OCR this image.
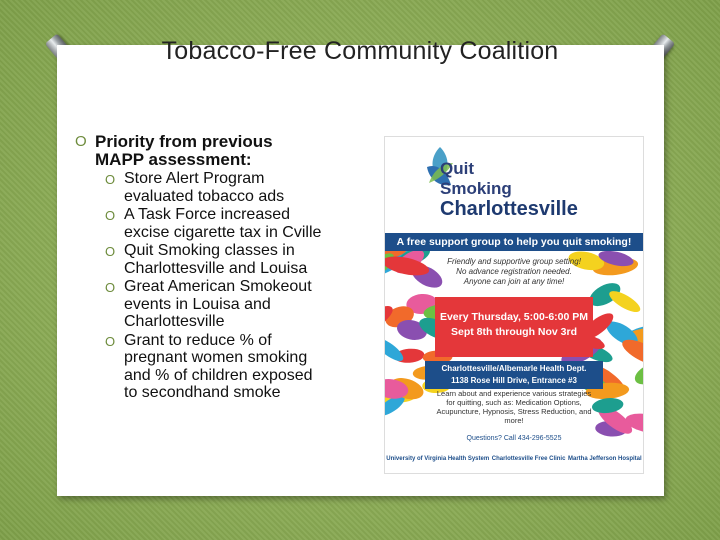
Tobacco-Free Community Coalition
O Priority from previous
MAPP assessment:
O Store Alert Program
evaluated tobacco ads
O A Task Force increased
excise cigarette tax in Cville
O Quit Smoking classes in
Charlottesville and Louisa
O Great American Smokeout
events in Louisa and
Charlottesville
O Grant to reduce % of
pregnant women smoking
and % of children exposed
to secondhand smoke
Quit
Smoking
Charlottesville
A free support group to help you quit smoking!
Friendly and supportive group setting!
No advance registration needed.
Anyone can join at any time!
Every Thursday, 5:00-6:00 PM
Sept 8th through Nov 3rd
Charlottesville/Albemarle Health Dept.
1138 Rose Hill Drive, Entrance #3
Learn about and experience various strategies for quitting, such as: Medication Options, Acupuncture, Hypnosis, Stress Reduction, and more!
Questions? Call 434-296-5525
University of Virginia Health System Charlottesville Free Clinic Martha Jefferson Hospital
